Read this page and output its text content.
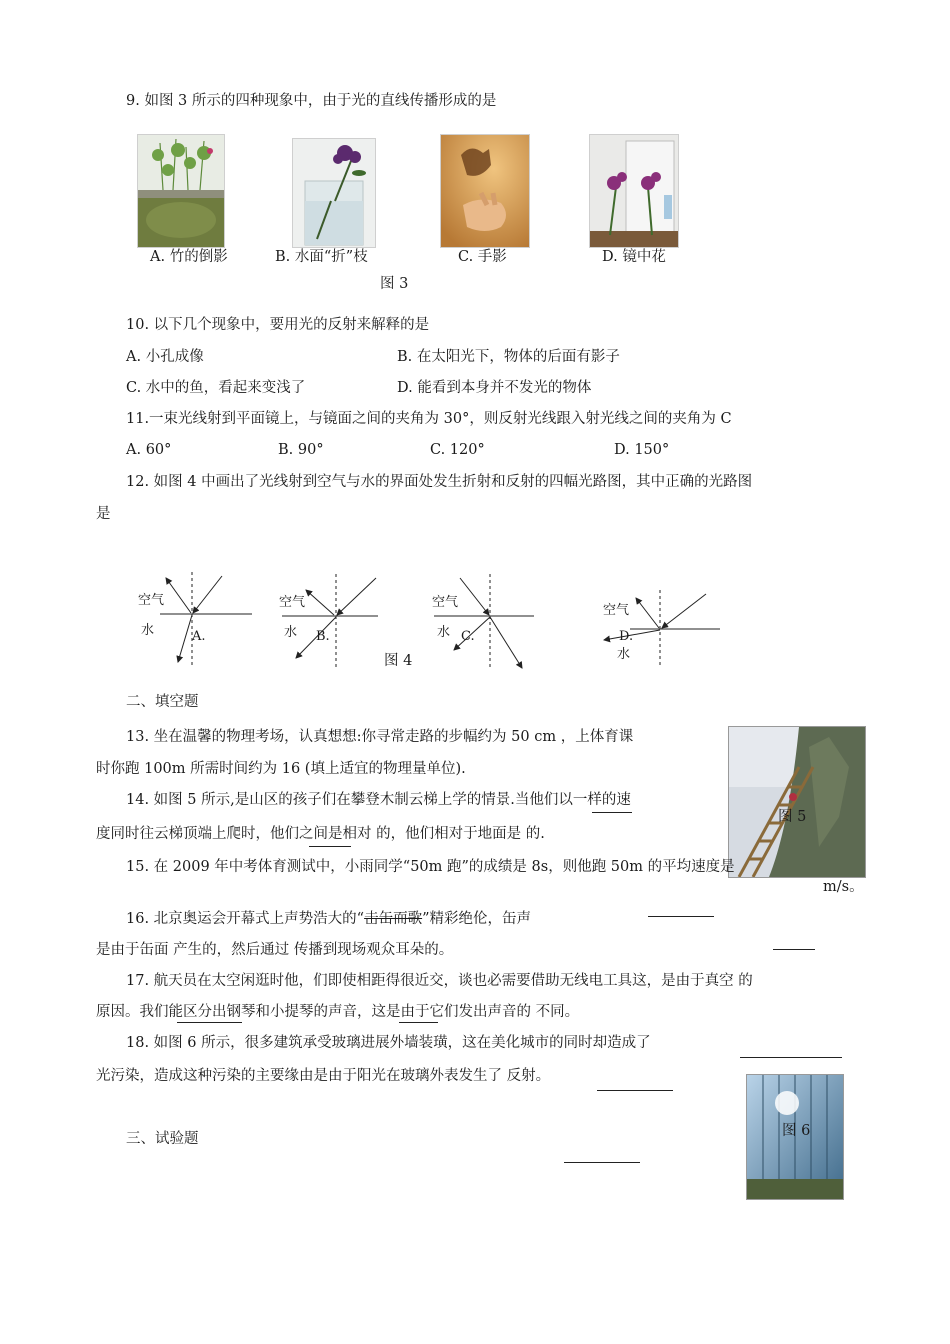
9. 如图 3 所示的四种现象中，由于光的直线传播形成的是
A. 竹的倒影	B. 水面“折”枝	C. 手影	D. 镜中花
图 3
10. 以下几个现象中，要用光的反射来解释的是
A. 小孔成像	B. 在太阳光下，物体的后面有影子
C. 水中的鱼，看起来变浅了	D. 能看到本身并不发光的物体
11.一束光线射到平面镜上，与镜面之间的夹角为 30°，则反射光线跟入射光线之间的夹角为 C
A. 60°	B. 90°	C. 120°	D. 150°
12. 如图 4 中画出了光线射到空气与水的界面处发生折射和反射的四幅光路图，其中正确的光路图
是
空气
水	A.
空气
水 B.
空气
水 C.
空气
D.
水
图 4
二、填空题
13. 坐在温馨的物理考场，认真想想:你寻常走路的步幅约为 50 cm ，上体育课
时你跑 100m 所需时间约为 16 (填上适宜的物理量单位).
14. 如图 5 所示,是山区的孩子们在攀登木制云梯上学的情景.当他们以一样的速
度同时往云梯顶端上爬时，他们之间是相对 的，他们相对于地面是 的.
图 5
15. 在 2009 年中考体育测试中，小雨同学“50m 跑”的成绩是 8s，则他跑 50m 的平均速度是
m/s。
16. 北京奥运会开幕式上声势浩大的“击缶而歌”精彩绝伦，缶声
是由于缶面 产生的，然后通过 传播到现场观众耳朵的。
17. 航天员在太空闲逛时他，们即使相距得很近交，谈也必需要借助无线电工具这，是由于真空 的
原因。我们能区分出钢琴和小提琴的声音，这是由于它们发出声音的 不同。
18. 如图 6 所示，很多建筑承受玻璃进展外墙装璜，这在美化城市的同时却造成了
光污染，造成这种污染的主要缘由是由于阳光在玻璃外表发生了 反射。
图 6
三、试验题
